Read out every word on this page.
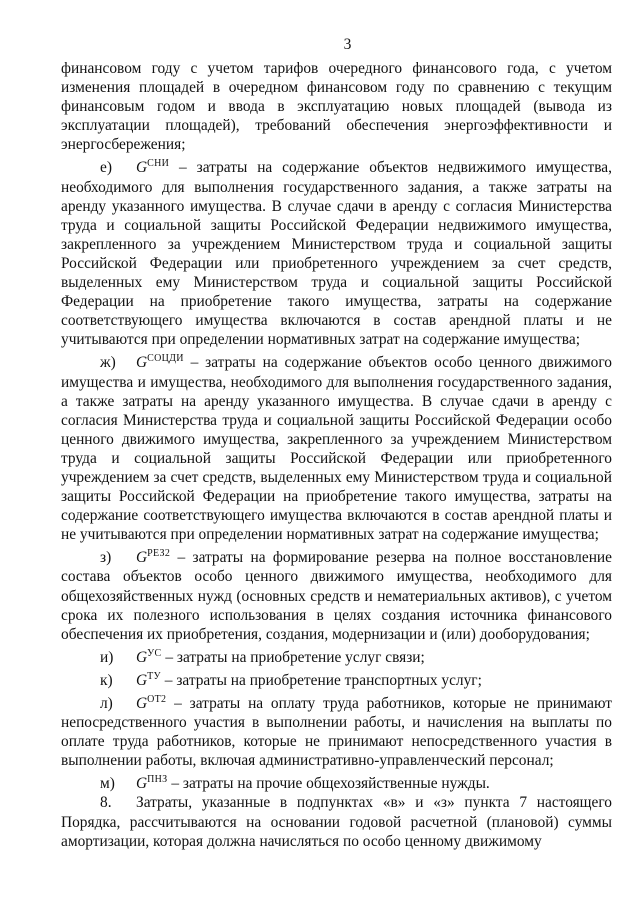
3

финансовом году с учетом тарифов очередного финансового года, с учетом изменения площадей в очередном финансовом году по сравнению с текущим финансовым годом и ввода в эксплуатацию новых площадей (вывода из эксплуатации площадей), требований обеспечения энергоэффективности и энергосбережения;

е) $G^{СНИ}$ – затраты на содержание объектов недвижимого имущества, необходимого для выполнения государственного задания, а также затраты на аренду указанного имущества. В случае сдачи в аренду с согласия Министерства труда и социальной защиты Российской Федерации недвижимого имущества, закрепленного за учреждением Министерством труда и социальной защиты Российской Федерации или приобретенного учреждением за счет средств, выделенных ему Министерством труда и социальной защиты Российской Федерации на приобретение такого имущества, затраты на содержание соответствующего имущества включаются в состав арендной платы и не учитываются при определении нормативных затрат на содержание имущества;

ж) $G^{СОЦДИ}$ – затраты на содержание объектов особо ценного движимого имущества и имущества, необходимого для выполнения государственного задания, а также затраты на аренду указанного имущества. В случае сдачи в аренду с согласия Министерства труда и социальной защиты Российской Федерации особо ценного движимого имущества, закрепленного за учреждением Министерством труда и социальной защиты Российской Федерации или приобретенного учреждением за счет средств, выделенных ему Министерством труда и социальной защиты Российской Федерации на приобретение такого имущества, затраты на содержание соответствующего имущества включаются в состав арендной платы и не учитываются при определении нормативных затрат на содержание имущества;

з) $G^{РЕЗ2}$ – затраты на формирование резерва на полное восстановление состава объектов особо ценного движимого имущества, необходимого для общехозяйственных нужд (основных средств и нематериальных активов), с учетом срока их полезного использования в целях создания источника финансового обеспечения их приобретения, создания, модернизации и (или) дооборудования;

и) $G^{УС}$ – затраты на приобретение услуг связи;

к) $G^{ТУ}$ – затраты на приобретение транспортных услуг;

л) $G^{ОТ2}$ – затраты на оплату труда работников, которые не принимают непосредственного участия в выполнении работы, и начисления на выплаты по оплате труда работников, которые не принимают непосредственного участия в выполнении работы, включая административно-управленческий персонал;

м) $G^{ПНЗ}$ – затраты на прочие общехозяйственные нужды.

8. Затраты, указанные в подпунктах «в» и «з» пункта 7 настоящего Порядка, рассчитываются на основании годовой расчетной (плановой) суммы амортизации, которая должна начисляться по особо ценному движимому
